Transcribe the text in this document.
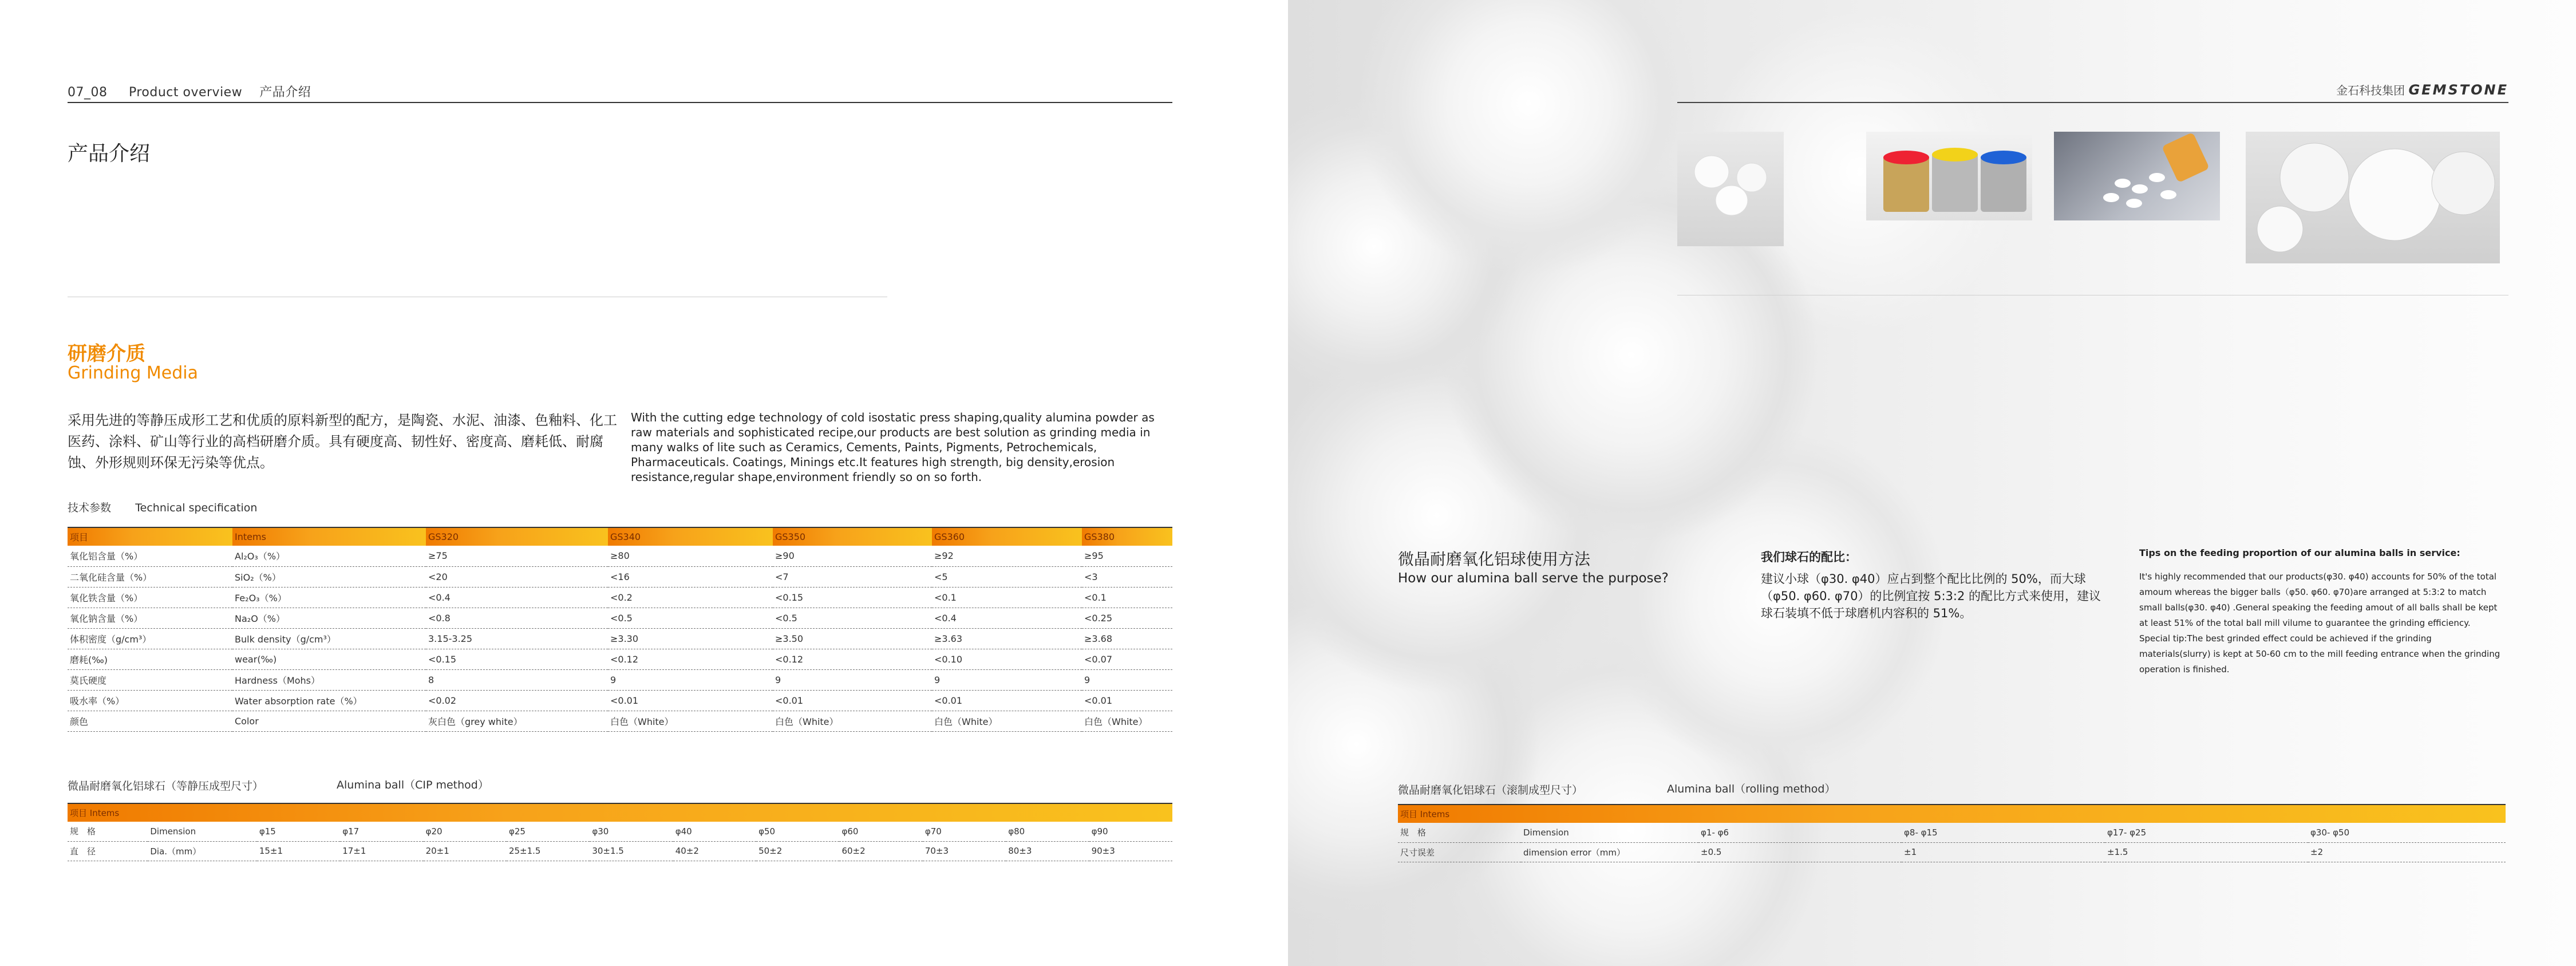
07_08 Product overview 产品介绍
产品介绍
研磨介质
Grinding Media
采用先进的等静压成形工艺和优质的原料新型的配方，是陶瓷、水泥、油漆、色釉料、化工医药、涂料、矿山等行业的高档研磨介质。具有硬度高、韧性好、密度高、磨耗低、耐腐蚀、外形规则环保无污染等优点。
With the cutting edge technology of cold isostatic press shaping,quality alumina powder as raw materials and sophisticated recipe,our products are best solution as grinding media in many walks of lite such as Ceramics, Cements, Paints, Pigments, Petrochemicals, Pharmaceuticals. Coatings, Minings etc.It features high strength, big density,erosion resistance,regular shape,environment friendly so on so forth.
技术参数 Technical specification
项目	Intems	GS320	GS340	GS350	GS360	GS380
氧化铝含量（%）	Al₂O₃（%）	≥75	≥80	≥90	≥92	≥95
二氧化硅含量（%）	SiO₂（%）	<20	<16	<7	<5	<3
氧化铁含量（%）	Fe₂O₃（%）	<0.4	<0.2	<0.15	<0.1	<0.1
氧化钠含量（%）	Na₂O（%）	<0.8	<0.5	<0.5	<0.4	<0.25
体积密度（g/cm³）	Bulk density（g/cm³）	3.15-3.25	≥3.30	≥3.50	≥3.63	≥3.68
磨耗(‰)	wear(‰)	<0.15	<0.12	<0.12	<0.10	<0.07
莫氏硬度	Hardness（Mohs）	8	9	9	9	9
吸水率（%）	Water absorption rate（%）	<0.02	<0.01	<0.01	<0.01	<0.01
颜色	Color	灰白色（grey white）	白色（White）	白色（White）	白色（White）	白色（White）
微晶耐磨氧化铝球石（等静压成型尺寸）	Alumina ball（CIP method）
项目 Intems												
规　格	Dimension	φ15	φ17	φ20	φ25	φ30	φ40	φ50	φ60	φ70	φ80	φ90
直　径	Dia.（mm）	15±1	17±1	20±1	25±1.5	30±1.5	40±2	50±2	60±2	70±3	80±3	90±3
金石科技集团 GEMSTONE
微晶耐磨氧化铝球使用方法
How our alumina ball serve the purpose?
我们球石的配比：
建议小球（φ30. φ40）应占到整个配比比例的 50%，而大球（φ50. φ60. φ70）的比例宜按 5:3:2 的配比方式来使用，建议球石装填不低于球磨机内容积的 51%。
Tips on the feeding proportion of our alumina balls in service:
It's highly recommended that our products(φ30. φ40) accounts for 50% of the total amoum whereas the bigger balls（φ50. φ60. φ70)are arranged at 5:3:2 to match small balls(φ30. φ40) .General speaking the feeding amout of all balls shall be kept at least 51% of the total ball mill vilume to guarantee the grinding efficiency.
Special tip:The best grinded effect could be achieved if the grinding materials(slurry) is kept at 50-60 cm to the mill feeding entrance when the grinding operation is finished.
微晶耐磨氧化铝球石（滚制成型尺寸）	Alumina ball（rolling method）
项目 Intems					
规　格	Dimension	φ1- φ6	φ8- φ15	φ17- φ25	φ30- φ50
尺寸误差	dimension error（mm）	±0.5	±1	±1.5	±2
